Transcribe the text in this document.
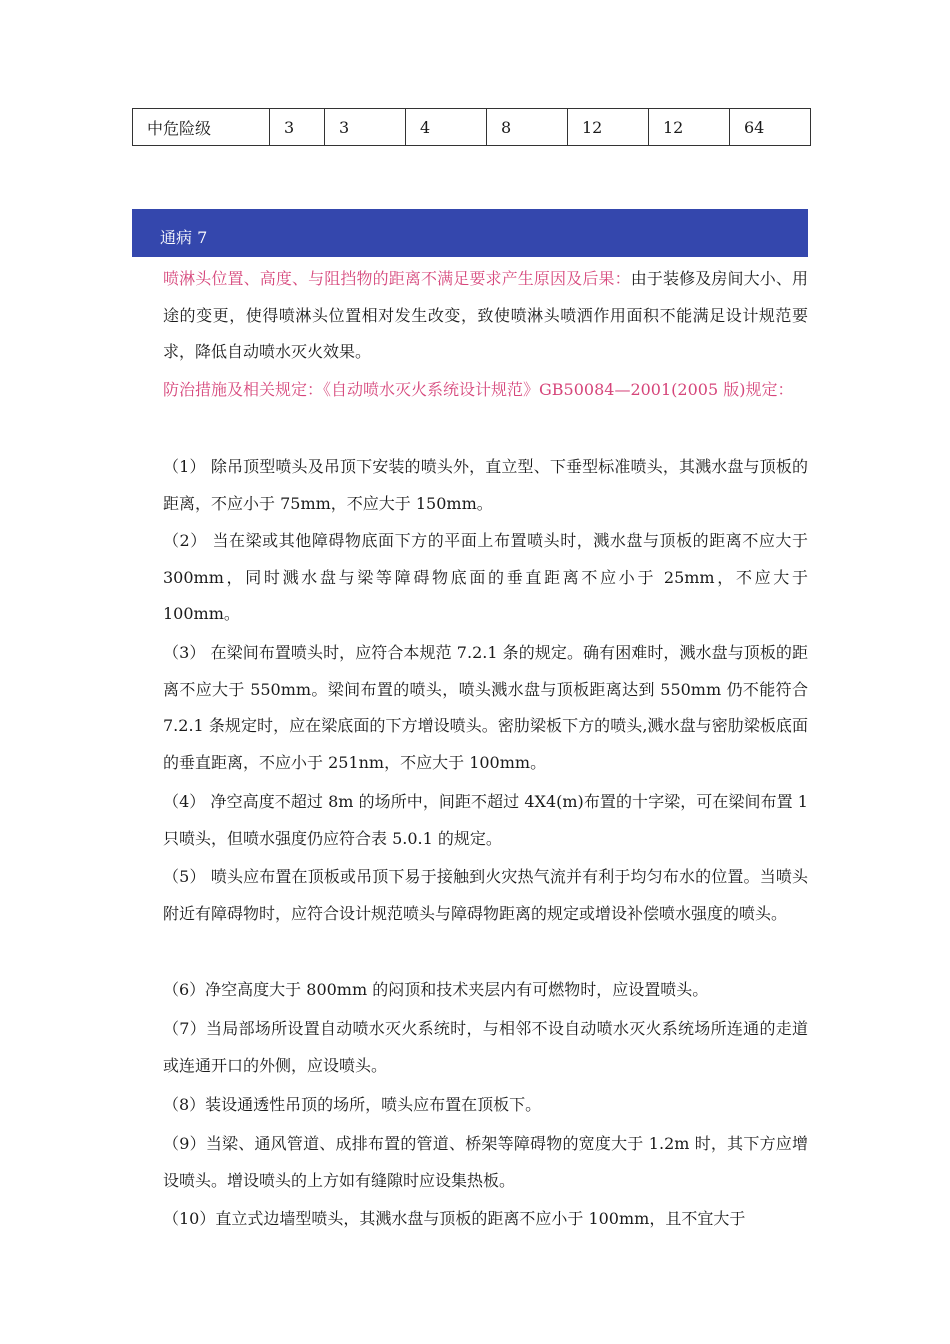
中危险级	3	3	4	8	12	12	64
通病 7

喷淋头位置、高度、与阻挡物的距离不满足要求产生原因及后果：由于装修及房间大小、用途的变更，使得喷淋头位置相对发生改变，致使喷淋头喷洒作用面积不能满足设计规范要求，降低自动喷水灭火效果。

防治措施及相关规定：《自动喷水灭火系统设计规范》GB50084—2001(2005 版)规定：

（1） 除吊顶型喷头及吊顶下安装的喷头外，直立型、下垂型标准喷头，其溅水盘与顶板的距离，不应小于 75mm，不应大于 150mm。

（2） 当在梁或其他障碍物底面下方的平面上布置喷头时，溅水盘与顶板的距离不应大于 300mm，同时溅水盘与梁等障碍物底面的垂直距离不应小于 25mm，不应大于 100mm。

（3） 在梁间布置喷头时，应符合本规范 7.2.1 条的规定。确有困难时，溅水盘与顶板的距离不应大于 550mm。梁间布置的喷头，喷头溅水盘与顶板距离达到 550mm 仍不能符合 7.2.1 条规定时，应在梁底面的下方增设喷头。密肋梁板下方的喷头,溅水盘与密肋梁板底面的垂直距离，不应小于 251nm，不应大于 100mm。

（4） 净空高度不超过 8m 的场所中，间距不超过 4X4(m)布置的十字梁，可在梁间布置 1 只喷头，但喷水强度仍应符合表 5.0.1 的规定。

（5） 喷头应布置在顶板或吊顶下易于接触到火灾热气流并有利于均匀布水的位置。当喷头附近有障碍物时，应符合设计规范喷头与障碍物距离的规定或增设补偿喷水强度的喷头。

（6）净空高度大于 800mm 的闷顶和技术夹层内有可燃物时，应设置喷头。

（7）当局部场所设置自动喷水灭火系统时，与相邻不设自动喷水灭火系统场所连通的走道或连通开口的外侧，应设喷头。

（8）装设通透性吊顶的场所，喷头应布置在顶板下。

（9）当梁、通风管道、成排布置的管道、桥架等障碍物的宽度大于 1.2m 时，其下方应增设喷头。增设喷头的上方如有缝隙时应设集热板。

（10）直立式边墙型喷头，其溅水盘与顶板的距离不应小于 100mm，且不宜大于
